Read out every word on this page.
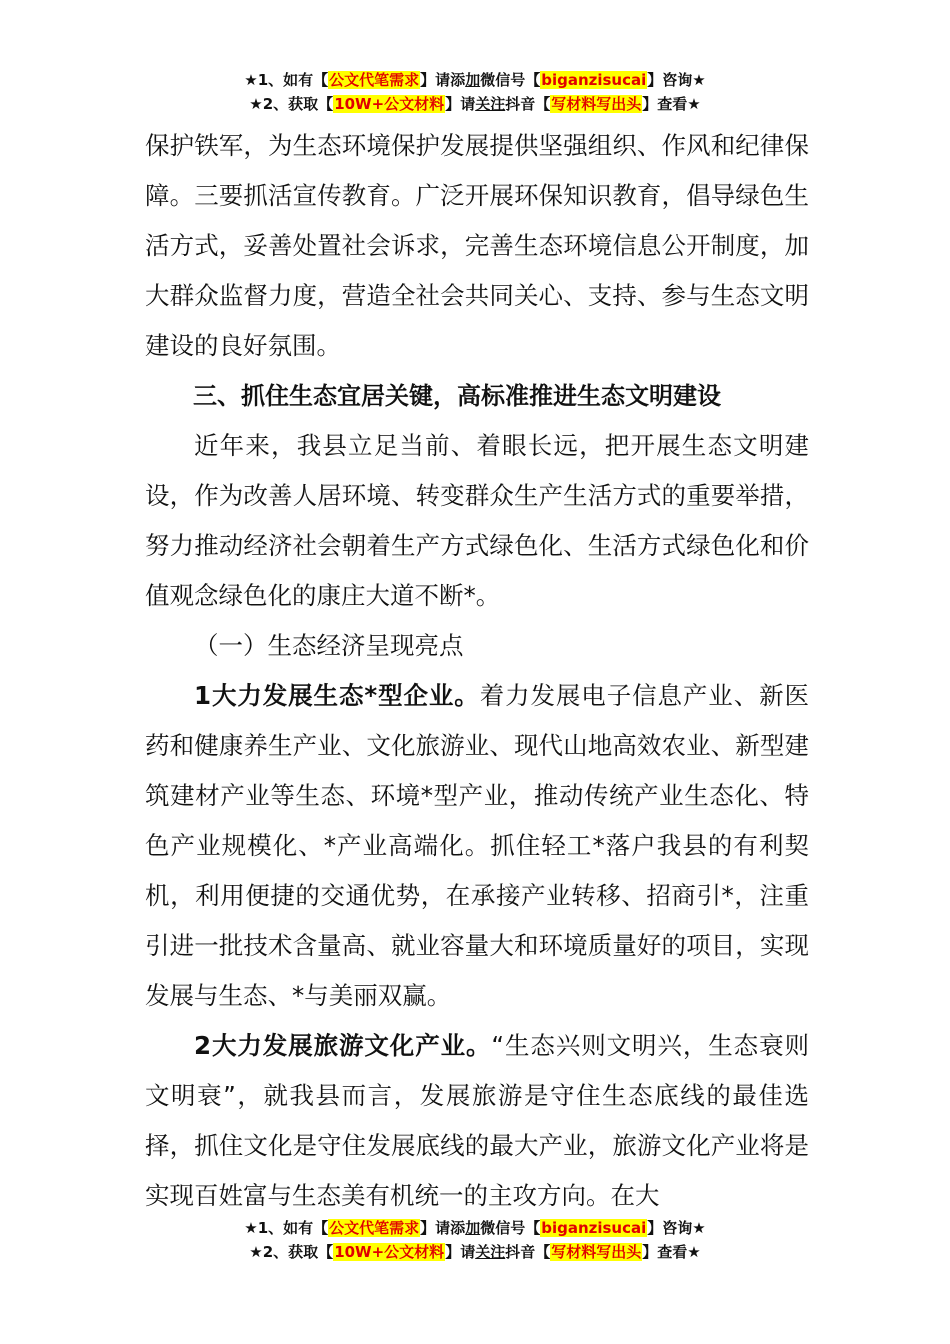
★1、如有【公文代笔需求】请添加微信号【biganzisucai】咨询★
★2、获取【10W+公文材料】请关注抖音【写材料写出头】查看★

保护铁军，为生态环境保护发展提供坚强组织、作风和纪律保障。三要抓活宣传教育。广泛开展环保知识教育，倡导绿色生活方式，妥善处置社会诉求，完善生态环境信息公开制度，加大群众监督力度，营造全社会共同关心、支持、参与生态文明建设的良好氛围。

三、抓住生态宜居关键，高标准推进生态文明建设

近年来，我县立足当前、着眼长远，把开展生态文明建设，作为改善人居环境、转变群众生产生活方式的重要举措，努力推动经济社会朝着生产方式绿色化、生活方式绿色化和价值观念绿色化的康庄大道不断*。

（一）生态经济呈现亮点

1大力发展生态*型企业。着力发展电子信息产业、新医药和健康养生产业、文化旅游业、现代山地高效农业、新型建筑建材产业等生态、环境*型产业，推动传统产业生态化、特色产业规模化、*产业高端化。抓住轻工*落户我县的有利契机，利用便捷的交通优势，在承接产业转移、招商引*，注重引进一批技术含量高、就业容量大和环境质量好的项目，实现发展与生态、*与美丽双赢。

2大力发展旅游文化产业。“生态兴则文明兴，生态衰则文明衰”，就我县而言，发展旅游是守住生态底线的最佳选择，抓住文化是守住发展底线的最大产业，旅游文化产业将是实现百姓富与生态美有机统一的主攻方向。在大

★1、如有【公文代笔需求】请添加微信号【biganzisucai】咨询★
★2、获取【10W+公文材料】请关注抖音【写材料写出头】查看★
